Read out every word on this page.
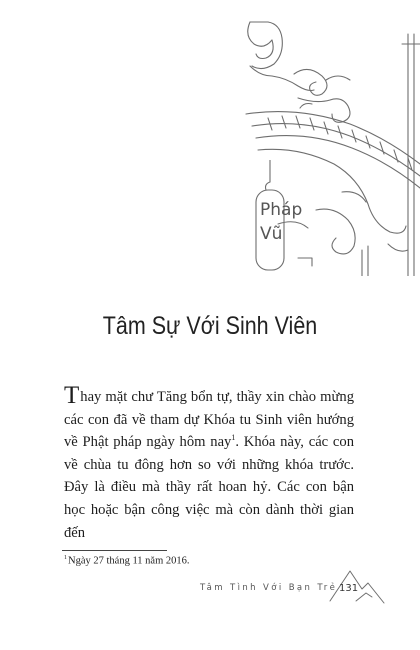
Pháp
Vũ
Tâm Sự Với Sinh Viên

Thay mặt chư Tăng bổn tự, thầy xin chào mừng các con đã về tham dự Khóa tu Sinh viên hướng về Phật pháp ngày hôm nay$^1$. Khóa này, các con về chùa tu đông hơn so với những khóa trước. Đây là điều mà thầy rất hoan hỷ. Các con bận học hoặc bận công việc mà còn dành thời gian đến

$^1$Ngày 27 tháng 11 năm 2016.

Tâm Tình Với Bạn Trẻ 131
